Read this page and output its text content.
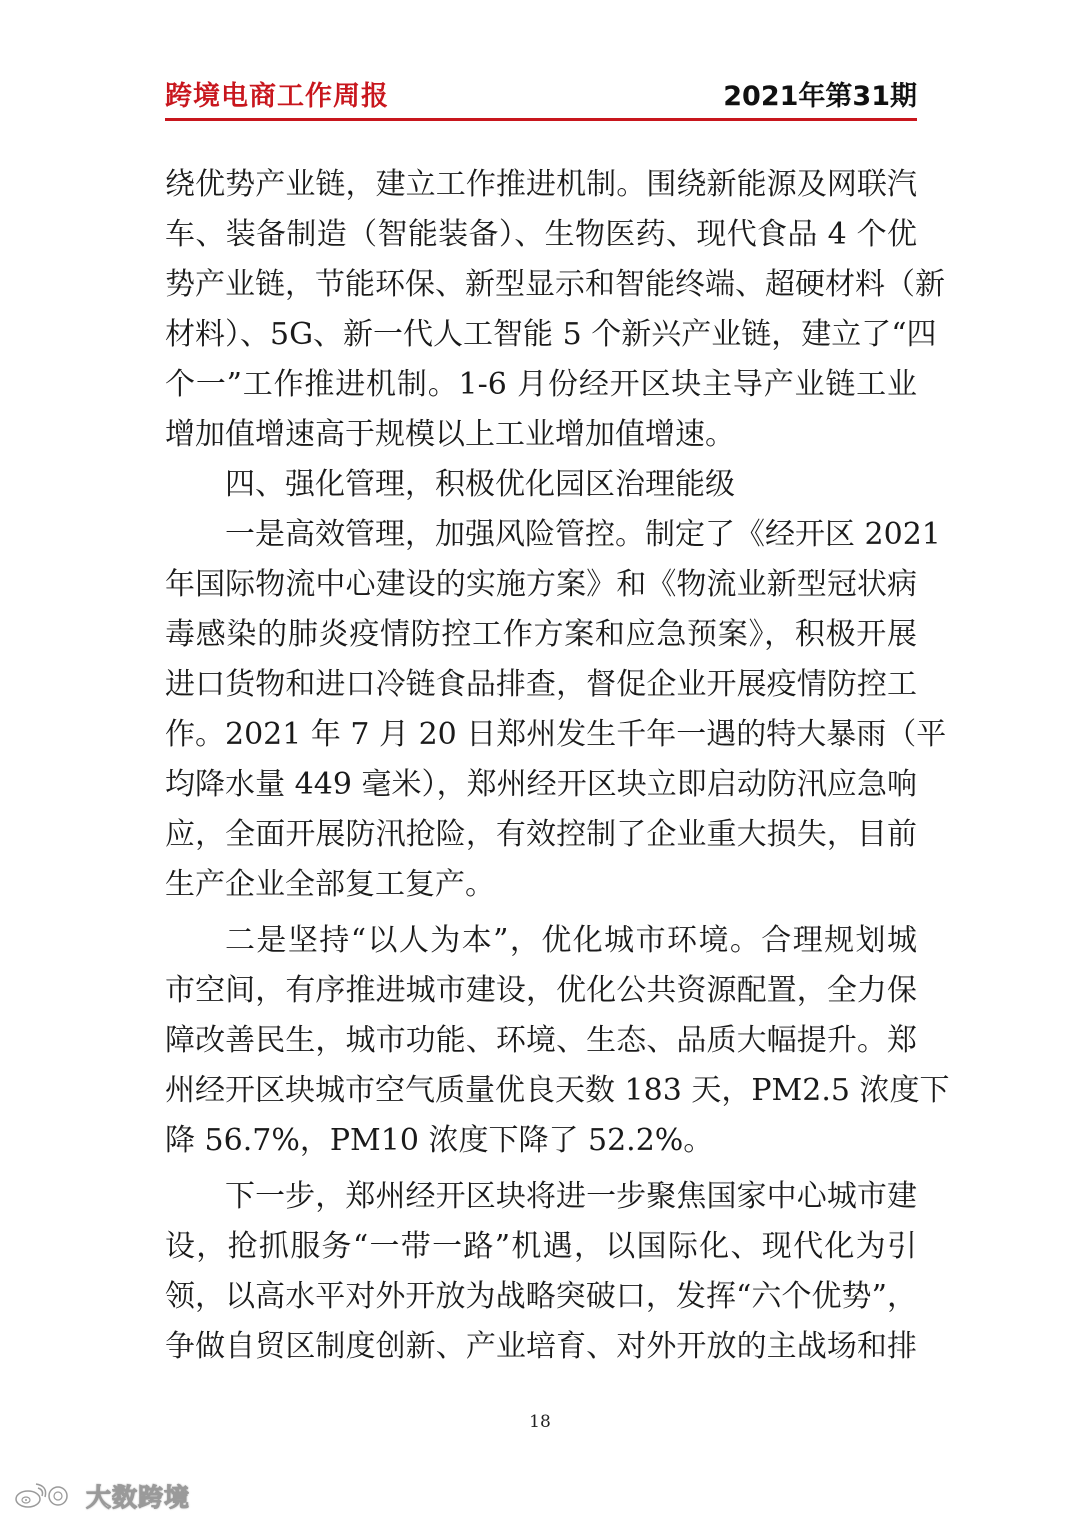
跨境电商工作周报	2021年第31期
绕优势产业链，建立工作推进机制。围绕新能源及网联汽
车、装备制造（智能装备）、生物医药、现代食品 4 个优
势产业链，节能环保、新型显示和智能终端、超硬材料（新
材料）、5G、新一代人工智能 5 个新兴产业链，建立了“四
个一”工作推进机制。1-6 月份经开区块主导产业链工业
增加值增速高于规模以上工业增加值增速。
四、强化管理，积极优化园区治理能级
一是高效管理，加强风险管控。制定了《经开区 2021
年国际物流中心建设的实施方案》和《物流业新型冠状病
毒感染的肺炎疫情防控工作方案和应急预案》，积极开展
进口货物和进口冷链食品排查，督促企业开展疫情防控工
作。2021 年 7 月 20 日郑州发生千年一遇的特大暴雨（平
均降水量 449 毫米），郑州经开区块立即启动防汛应急响
应，全面开展防汛抢险，有效控制了企业重大损失，目前
生产企业全部复工复产。
二是坚持“以人为本”，优化城市环境。合理规划城
市空间，有序推进城市建设，优化公共资源配置，全力保
障改善民生，城市功能、环境、生态、品质大幅提升。郑
州经开区块城市空气质量优良天数 183 天，PM2.5 浓度下
降 56.7%，PM10 浓度下降了 52.2%。
下一步，郑州经开区块将进一步聚焦国家中心城市建
设，抢抓服务“一带一路”机遇，以国际化、现代化为引
领，以高水平对外开放为战略突破口，发挥“六个优势”，
争做自贸区制度创新、产业培育、对外开放的主战场和排
18
大数跨境
